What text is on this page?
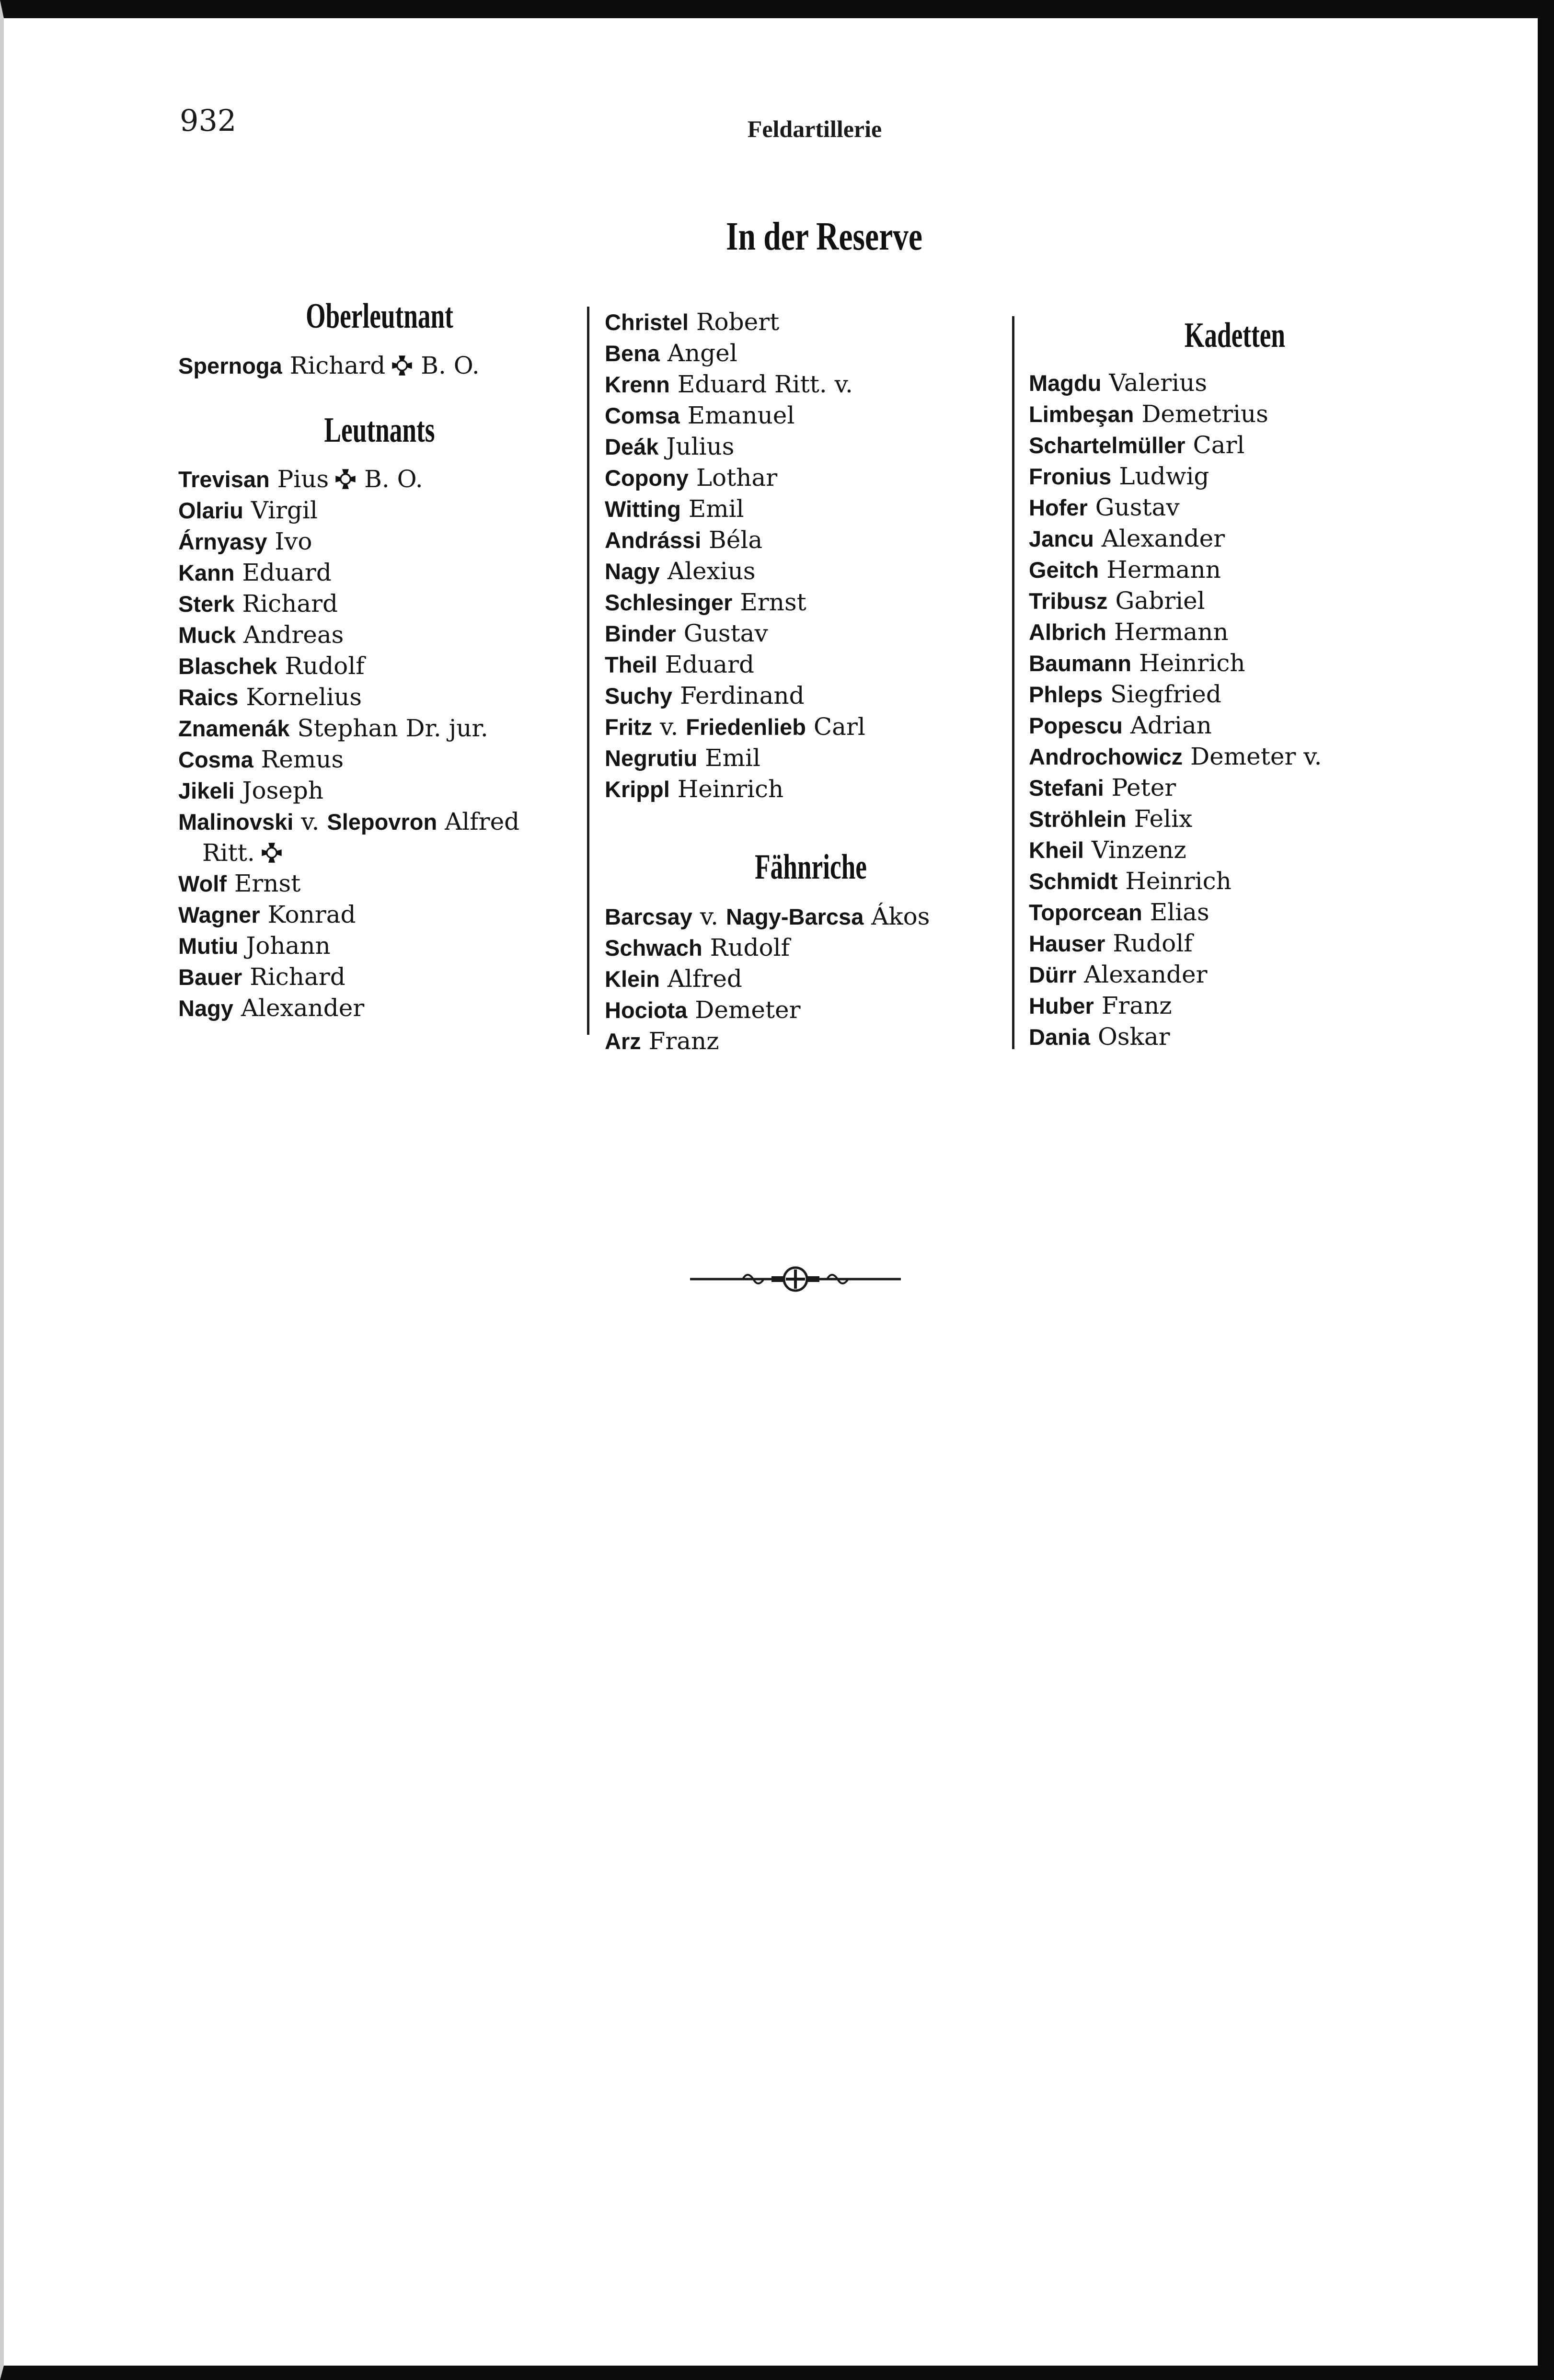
932	Feldartillerie
In der Reserve
Oberleutnant
Spernoga Richard B. O.
Leutnants
Trevisan Pius B. O.
Olariu Virgil
Árnyasy Ivo
Kann Eduard
Sterk Richard
Muck Andreas
Blaschek Rudolf
Raics Kornelius
Znamenák Stephan Dr. jur.
Cosma Remus
Jikeli Joseph
Malinovski v. Slepovron Alfred
Ritt.
Wolf Ernst
Wagner Konrad
Mutiu Johann
Bauer Richard
Nagy Alexander
Christel Robert
Bena Angel
Krenn Eduard Ritt. v.
Comsa Emanuel
Deák Julius
Copony Lothar
Witting Emil
Andrássi Béla
Nagy Alexius
Schlesinger Ernst
Binder Gustav
Theil Eduard
Suchy Ferdinand
Fritz v. Friedenlieb Carl
Negrutiu Emil
Krippl Heinrich
Fähnriche
Barcsay v. Nagy-Barcsa Ákos
Schwach Rudolf
Klein Alfred
Hociota Demeter
Arz Franz
Kadetten
Magdu Valerius
Limbeşan Demetrius
Schartelmüller Carl
Fronius Ludwig
Hofer Gustav
Jancu Alexander
Geitch Hermann
Tribusz Gabriel
Albrich Hermann
Baumann Heinrich
Phleps Siegfried
Popescu Adrian
Androchowicz Demeter v.
Stefani Peter
Ströhlein Felix
Kheil Vinzenz
Schmidt Heinrich
Toporcean Elias
Hauser Rudolf
Dürr Alexander
Huber Franz
Dania Oskar
